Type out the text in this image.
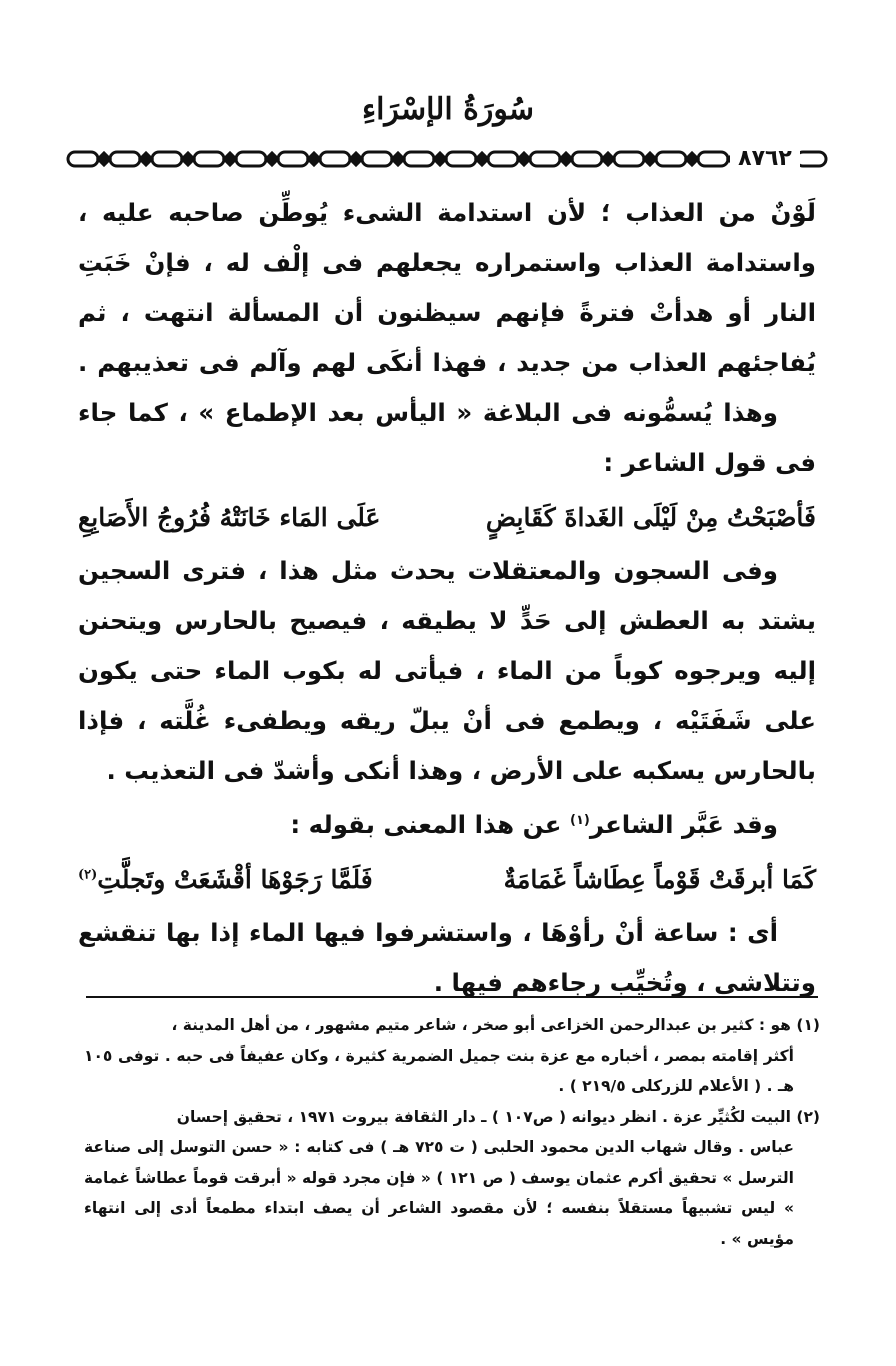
سُورَةُ الإسْرَاءِ
٨٧٦٢

لَوْنٌ من العذاب ؛ لأن استدامة الشىء يُوطِّن صاحبه عليه ، واستدامة العذاب واستمراره يجعلهم فى إلْف له ، فإنْ خَبَتِ النار أو هدأتْ فترةً فإنهم سيظنون أن المسألة انتهت ، ثم يُفاجئهم العذاب من جديد ، فهذا أنكَى لهم وآلم فى تعذيبهم .

وهذا يُسمُّونه فى البلاغة « اليأس بعد الإطماع » ، كما جاء فى قول الشاعر :

فَأصْبَحْتُ مِنْ لَيْلَى الغَداةَ كَقَابِضٍ
عَلَى المَاء خَانَتْهُ فُرُوجُ الأَصَابِعِ

وفى السجون والمعتقلات يحدث مثل هذا ، فترى السجين يشتد به العطش إلى حَدٍّ لا يطيقه ، فيصيح بالحارس ويتحنن إليه ويرجوه كوباً من الماء ، فيأتى له بكوب الماء حتى يكون على شَفَتَيْه ، ويطمع فى أنْ يبلّ ريقه ويطفىء غُلَّته ، فإذا بالحارس يسكبه على الأرض ، وهذا أنكى وأشدّ فى التعذيب .

وقد عَبَّر الشاعر$^{(١)}$ عن هذا المعنى بقوله :

كَمَا أبرقَتْ قَوْماً عِطَاشاً غَمَامَةٌ
فَلَمَّا رَجَوْهَا أقْشَعَتْ وتَجلَّتِ$^{(٢)}$

أى : ساعة أنْ رأوْهَا ، واستشرفوا فيها الماء إذا بها تنقشع وتتلاشى ، وتُخيِّب رجاءهم فيها .

(١) هو : كثير بن عبدالرحمن الخزاعى أبو صخر ، شاعر متيم مشهور ، من أهل المدينة ،

أكثر إقامته بمصر ، أخباره مع عزة بنت جميل الضمرية كثيرة ، وكان عفيفاً فى حبه . توفى ١٠٥ هـ . ( الأعلام للزركلى ٢١٩/٥ ) .

(٢) البيت لكُثيِّر عزة . انظر ديوانه ( ص١٠٧ ) ـ دار الثقافة بيروت ١٩٧١ ، تحقيق إحسان

عباس . وقال شهاب الدين محمود الحلبى ( ت ٧٢٥ هـ ) فى كتابه : « حسن التوسل إلى صناعة الترسل » تحقيق أكرم عثمان يوسف ( ص ١٢١ ) « فإن مجرد قوله « أبرقت قوماً عطاشاً غمامة » ليس تشبيهاً مستقلاً بنفسه ؛ لأن مقصود الشاعر أن يصف ابتداء مطمعاً أدى إلى انتهاء مؤيس » .
